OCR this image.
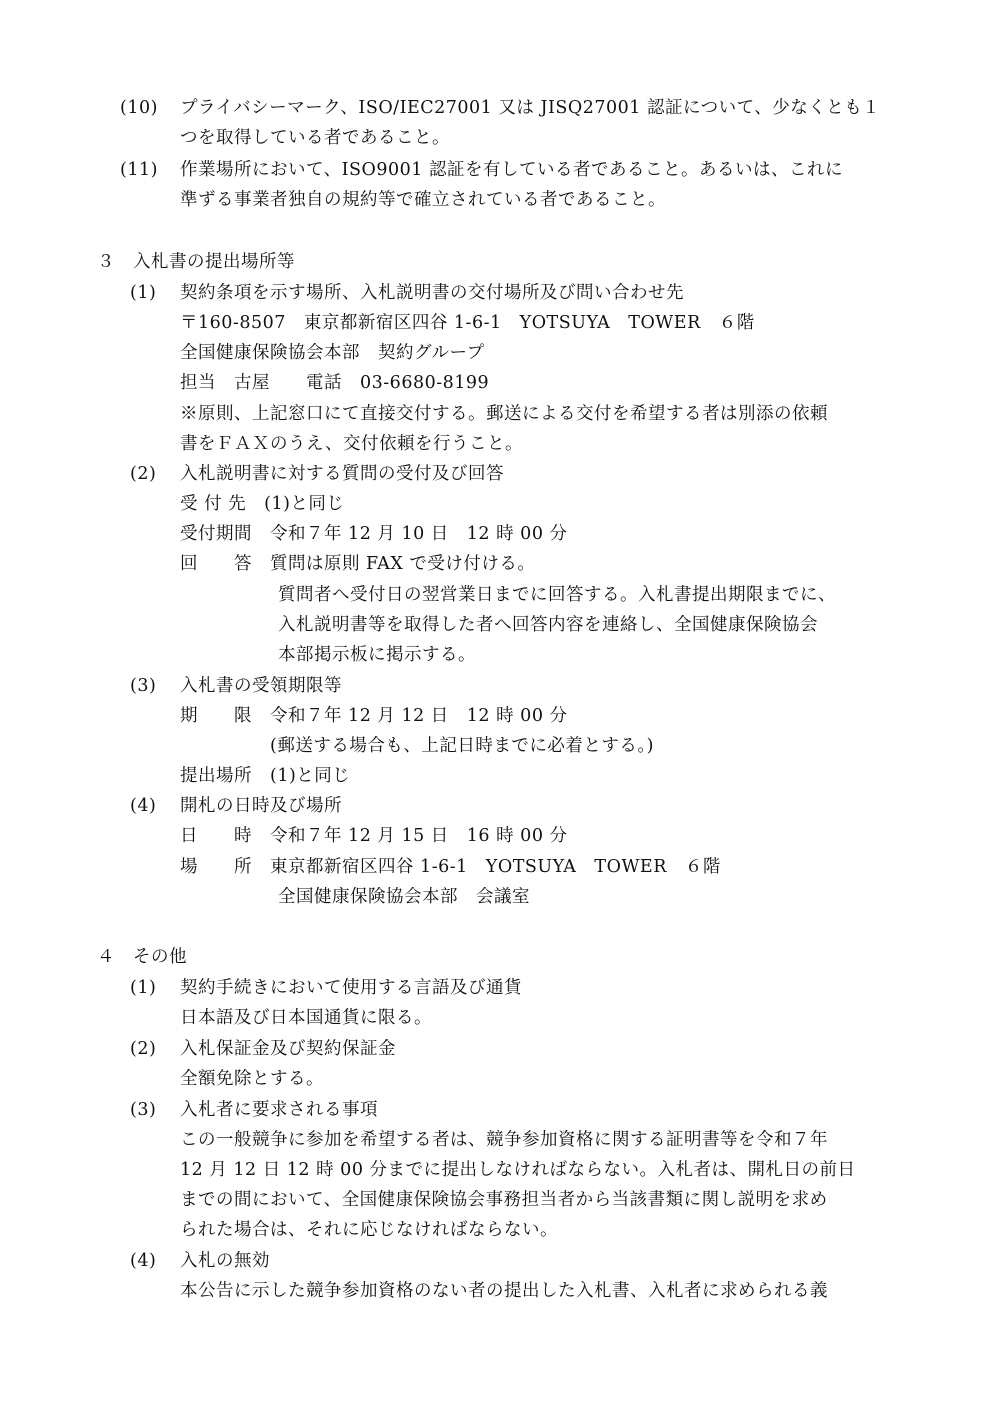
(10) プライバシーマーク、ISO/IEC27001 又は JISQ27001 認証について、少なくとも１
つを取得している者であること。
(11) 作業場所において、ISO9001 認証を有している者であること。あるいは、これに
準ずる事業者独自の規約等で確立されている者であること。
３　入札書の提出場所等
(1) 契約条項を示す場所、入札説明書の交付場所及び問い合わせ先
〒160-8507　東京都新宿区四谷 1-6-1　YOTSUYA　TOWER　６階
全国健康保険協会本部　契約グループ
担当　古屋　　電話　03-6680-8199
※原則、上記窓口にて直接交付する。郵送による交付を希望する者は別添の依頼
書をＦＡＸのうえ、交付依頼を行うこと。
(2) 入札説明書に対する質問の受付及び回答
受 付 先　(1)と同じ
受付期間　令和７年 12 月 10 日　12 時 00 分
回　　答　質問は原則 FAX で受け付ける。
質問者へ受付日の翌営業日までに回答する。入札書提出期限までに、
入札説明書等を取得した者へ回答内容を連絡し、全国健康保険協会
本部掲示板に掲示する。
(3) 入札書の受領期限等
期　　限　令和７年 12 月 12 日　12 時 00 分
(郵送する場合も、上記日時までに必着とする。)
提出場所　(1)と同じ
(4) 開札の日時及び場所
日　　時　令和７年 12 月 15 日　16 時 00 分
場　　所　東京都新宿区四谷 1-6-1　YOTSUYA　TOWER　６階
全国健康保険協会本部　会議室
４　その他
(1) 契約手続きにおいて使用する言語及び通貨
日本語及び日本国通貨に限る。
(2) 入札保証金及び契約保証金
全額免除とする。
(3) 入札者に要求される事項
この一般競争に参加を希望する者は、競争参加資格に関する証明書等を令和７年
12 月 12 日 12 時 00 分までに提出しなければならない。入札者は、開札日の前日
までの間において、全国健康保険協会事務担当者から当該書類に関し説明を求め
られた場合は、それに応じなければならない。
(4) 入札の無効
本公告に示した競争参加資格のない者の提出した入札書、入札者に求められる義
